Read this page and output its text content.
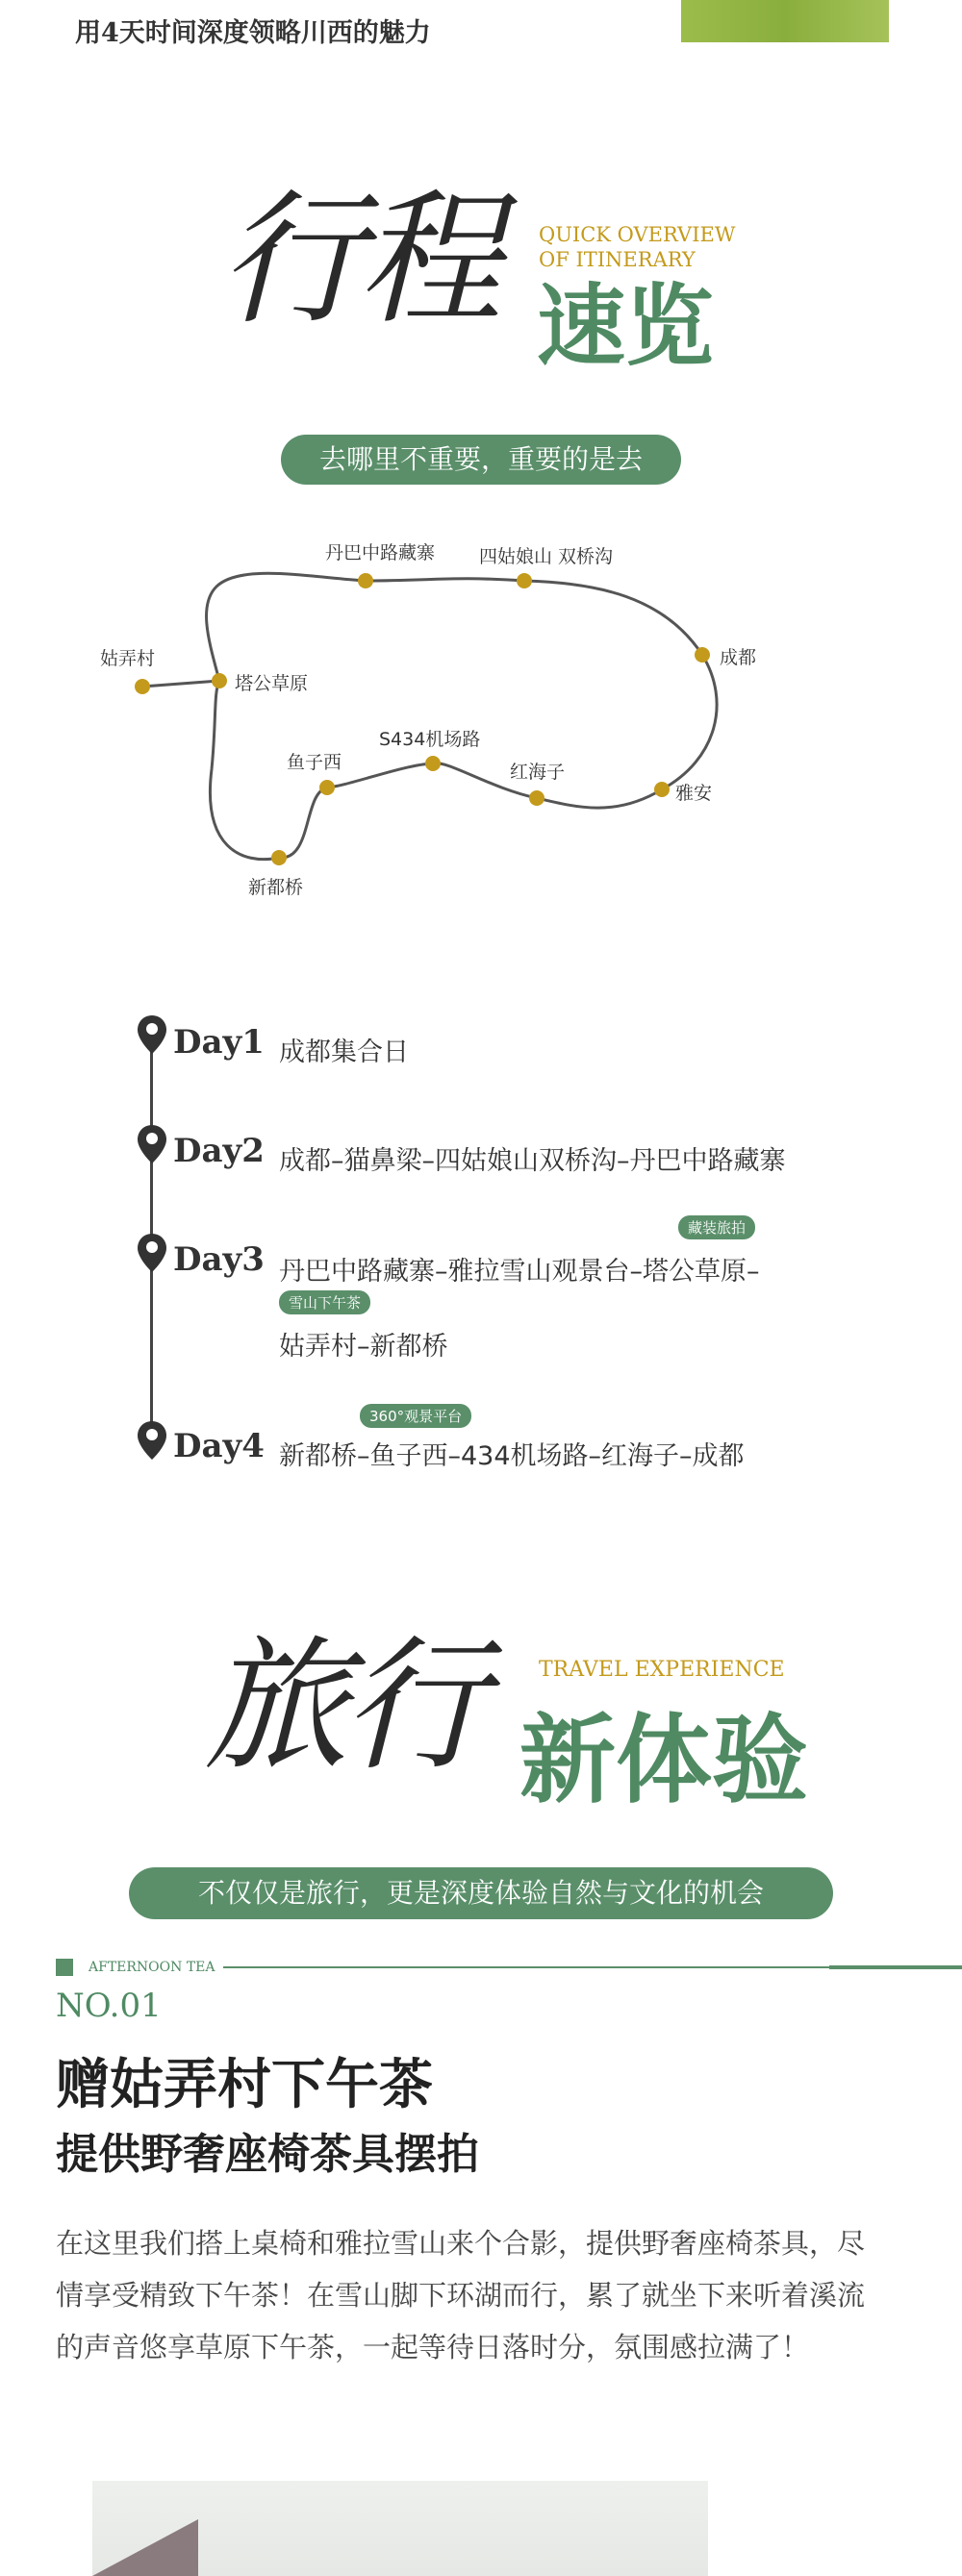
用4天时间深度领略川西的魅力
行程 QUICK OVERVIEW
OF ITINERARY
速览
去哪里不重要，重要的是去
丹巴中路藏寨 四姑娘山 双桥沟
成都
姑弄村
塔公草原
S434机场路
鱼子西	红海子
雅安
新都桥
Day1 成都集合日
Day2 成都–猫鼻梁–四姑娘山双桥沟–丹巴中路藏寨
藏装旅拍
Day3 丹巴中路藏寨–雅拉雪山观景台–塔公草原–
雪山下午茶
姑弄村–新都桥
360°观景平台
Day4 新都桥–鱼子西–434机场路–红海子–成都
旅行	TRAVEL EXPERIENCE
新体验
不仅仅是旅行，更是深度体验自然与文化的机会
AFTERNOON TEA
NO.01
赠姑弄村下午茶
提供野奢座椅茶具摆拍
在这里我们搭上桌椅和雅拉雪山来个合影，提供野奢座椅茶具，尽情享受精致下午茶！在雪山脚下环湖而行，累了就坐下来听着溪流的声音悠享草原下午茶，一起等待日落时分，氛围感拉满了！
